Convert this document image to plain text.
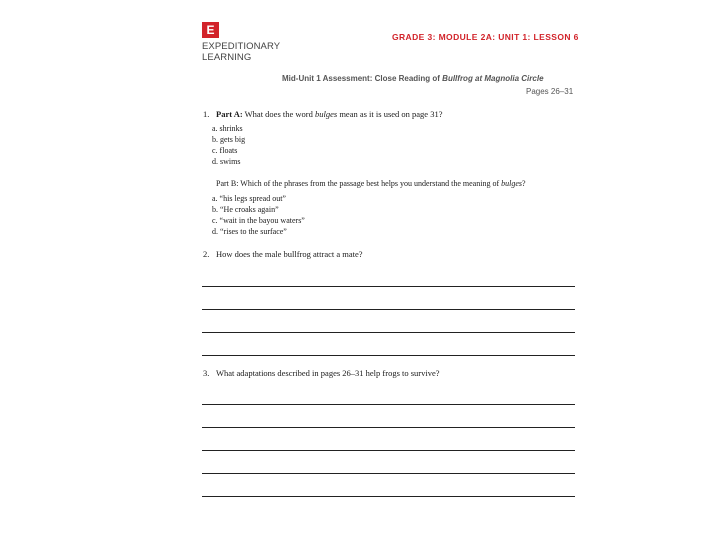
E
EXPEDITIONARY
LEARNING
GRADE 3: MODULE 2A: UNIT 1: LESSON 6
Mid-Unit 1 Assessment: Close Reading of Bullfrog at Magnolia Circle
Pages 26–31
1. Part A: What does the word bulges mean as it is used on page 31?
a. shrinks
b. gets big
c. floats
d. swims
Part B: Which of the phrases from the passage best helps you understand the meaning of bulges?
a. “his legs spread out”
b. “He croaks again”
c. “wait in the bayou waters”
d. “rises to the surface”
2. How does the male bullfrog attract a mate?
3. What adaptations described in pages 26–31 help frogs to survive?
